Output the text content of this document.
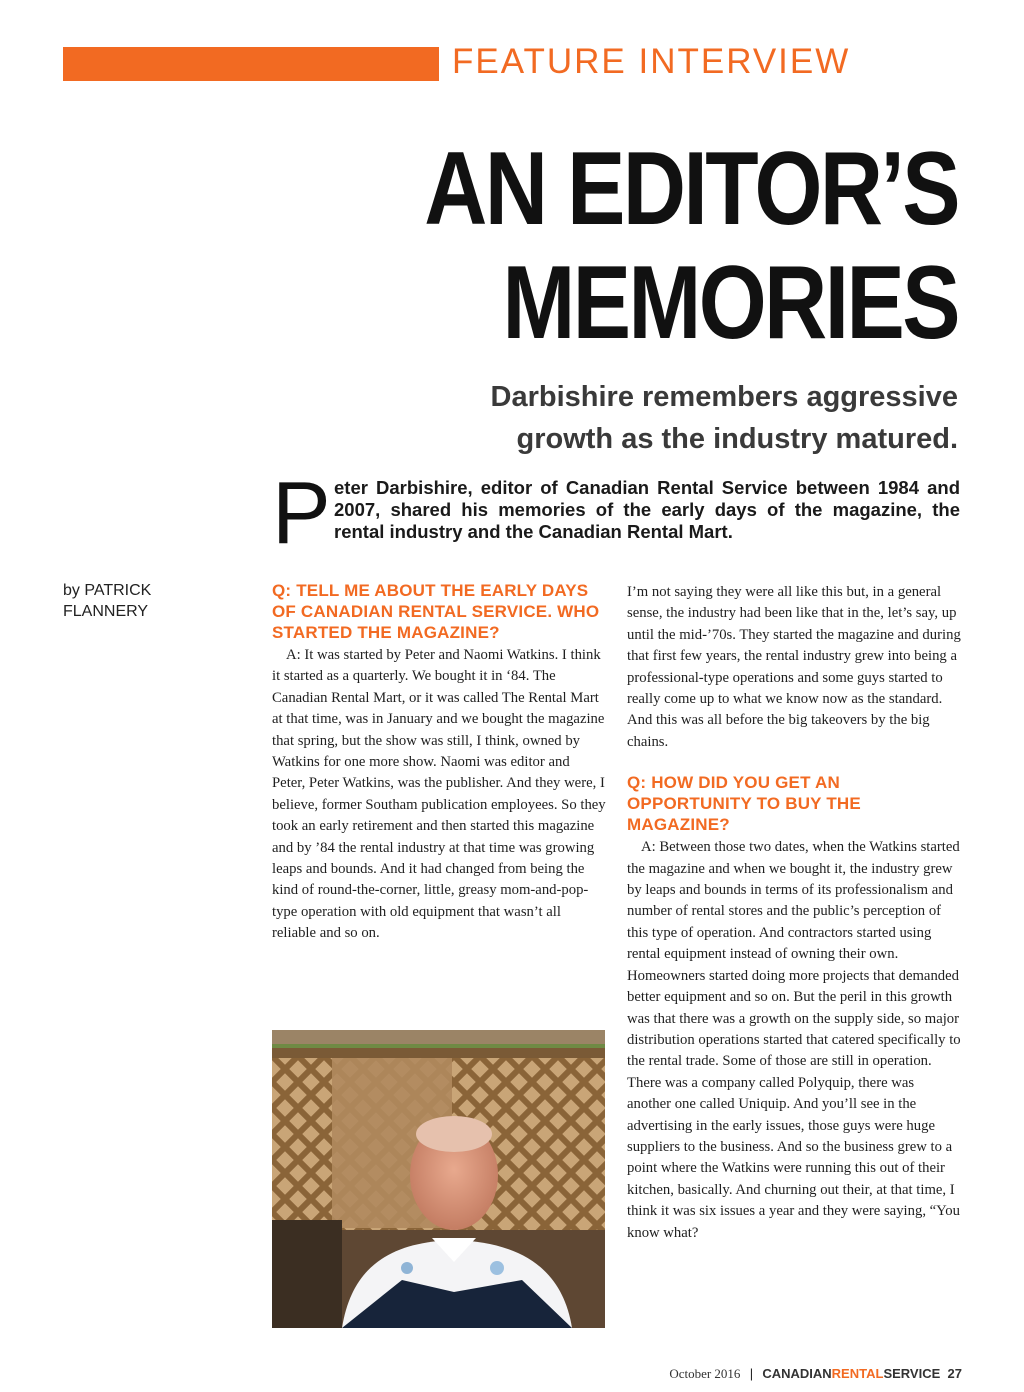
FEATURE INTERVIEW
AN EDITOR’S
MEMORIES
Darbishire remembers aggressive
growth as the industry matured.
P eter Darbishire, editor of Canadian Rental Service between 1984 and 2007, shared his memories of the early days of the magazine, the rental industry and the Canadian Rental Mart.
by PATRICK
FLANNERY

Q: TELL ME ABOUT THE EARLY DAYS OF CANADIAN RENTAL SERVICE. WHO STARTED THE MAGAZINE?

A: It was started by Peter and Naomi Watkins. I think it started as a quarterly. We bought it in ‘84. The Canadian Rental Mart, or it was called The Rental Mart at that time, was in January and we bought the magazine that spring, but the show was still, I think, owned by Watkins for one more show. Naomi was editor and Peter, Peter Watkins, was the publisher. And they were, I believe, former Southam publication employees. So they took an early retirement and then started this magazine and by ’84 the rental industry at that time was growing leaps and bounds. And it had changed from being the kind of round-the-corner, little, greasy mom-and-pop-type operation with old equipment that wasn’t all reliable and so on.

I’m not saying they were all like this but, in a general sense, the industry had been like that in the, let’s say, up until the mid-’70s. They started the magazine and during that first few years, the rental industry grew into being a professional-type operations and some guys started to really come up to what we know now as the standard. And this was all before the big takeovers by the big chains.

Q: HOW DID YOU GET AN OPPORTUNITY TO BUY THE MAGAZINE?

A: Between those two dates, when the Watkins started the magazine and when we bought it, the industry grew by leaps and bounds in terms of its professionalism and number of rental stores and the public’s perception of this type of operation. And contractors started using rental equipment instead of owning their own. Homeowners started doing more projects that demanded better equipment and so on. But the peril in this growth was that there was a growth on the supply side, so major distribution operations started that catered specifically to the rental trade. Some of those are still in operation. There was a company called Polyquip, there was another one called Uniquip. And you’ll see in the advertising in the early issues, those guys were huge suppliers to the business. And so the business grew to a point where the Watkins were running this out of their kitchen, basically. And churning out their, at that time, I think it was six issues a year and they were saying, “You know what?

October 2016 | CANADIANRENTALSERVICE 27
